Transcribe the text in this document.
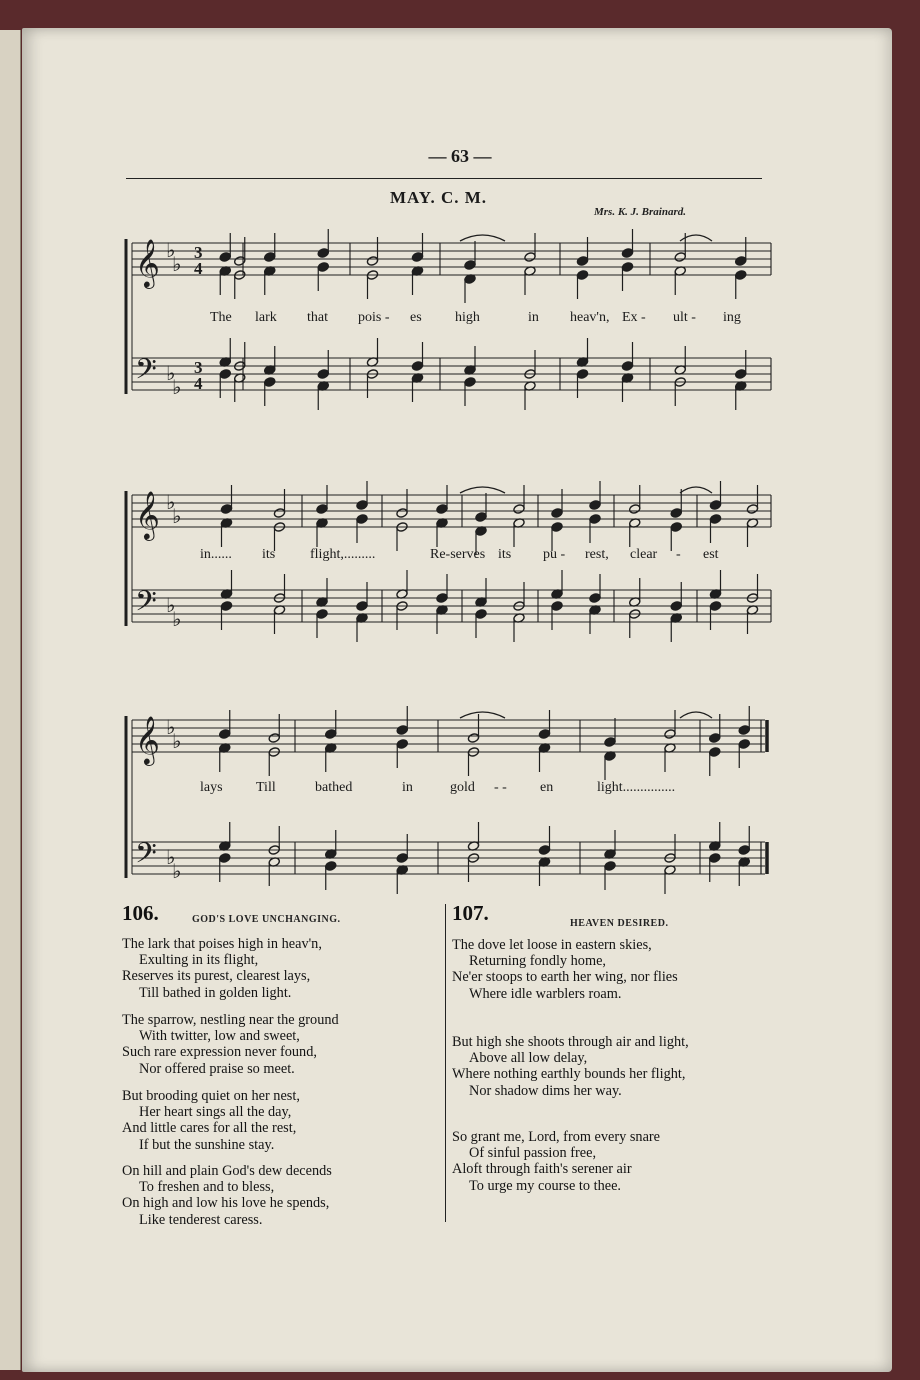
— 63 —
MAY. C. M.
Mrs. K. J. Brainard.
𝄞
𝄢
♭
♭
♭
♭
3
4
3
4
𝄞
𝄢
♭
♭
♭
♭
𝄞
𝄢
♭
♭
♭
♭
The lark that pois - es high	in heav'n, Ex - ult - ing
in...... its flight,.........	Re-serves its pu - rest, clear - est
lays Till	bathed	in	gold - - en	light...............
106.	GOD'S LOVE UNCHANGING.
The lark that poises high in heav'n,
Exulting in its flight,
Reserves its purest, clearest lays,
Till bathed in golden light.
The sparrow, nestling near the ground
With twitter, low and sweet,
Such rare expression never found,
Nor offered praise so meet.
But brooding quiet on her nest,
Her heart sings all the day,
And little cares for all the rest,
If but the sunshine stay.
On hill and plain God's dew decends
To freshen and to bless,
On high and low his love he spends,
Like tenderest caress.
107.	HEAVEN DESIRED.
The dove let loose in eastern skies,
Returning fondly home,
Ne'er stoops to earth her wing, nor flies
Where idle warblers roam.
But high she shoots through air and light,
Above all low delay,
Where nothing earthly bounds her flight,
Nor shadow dims her way.
So grant me, Lord, from every snare
Of sinful passion free,
Aloft through faith's serener air
To urge my course to thee.
